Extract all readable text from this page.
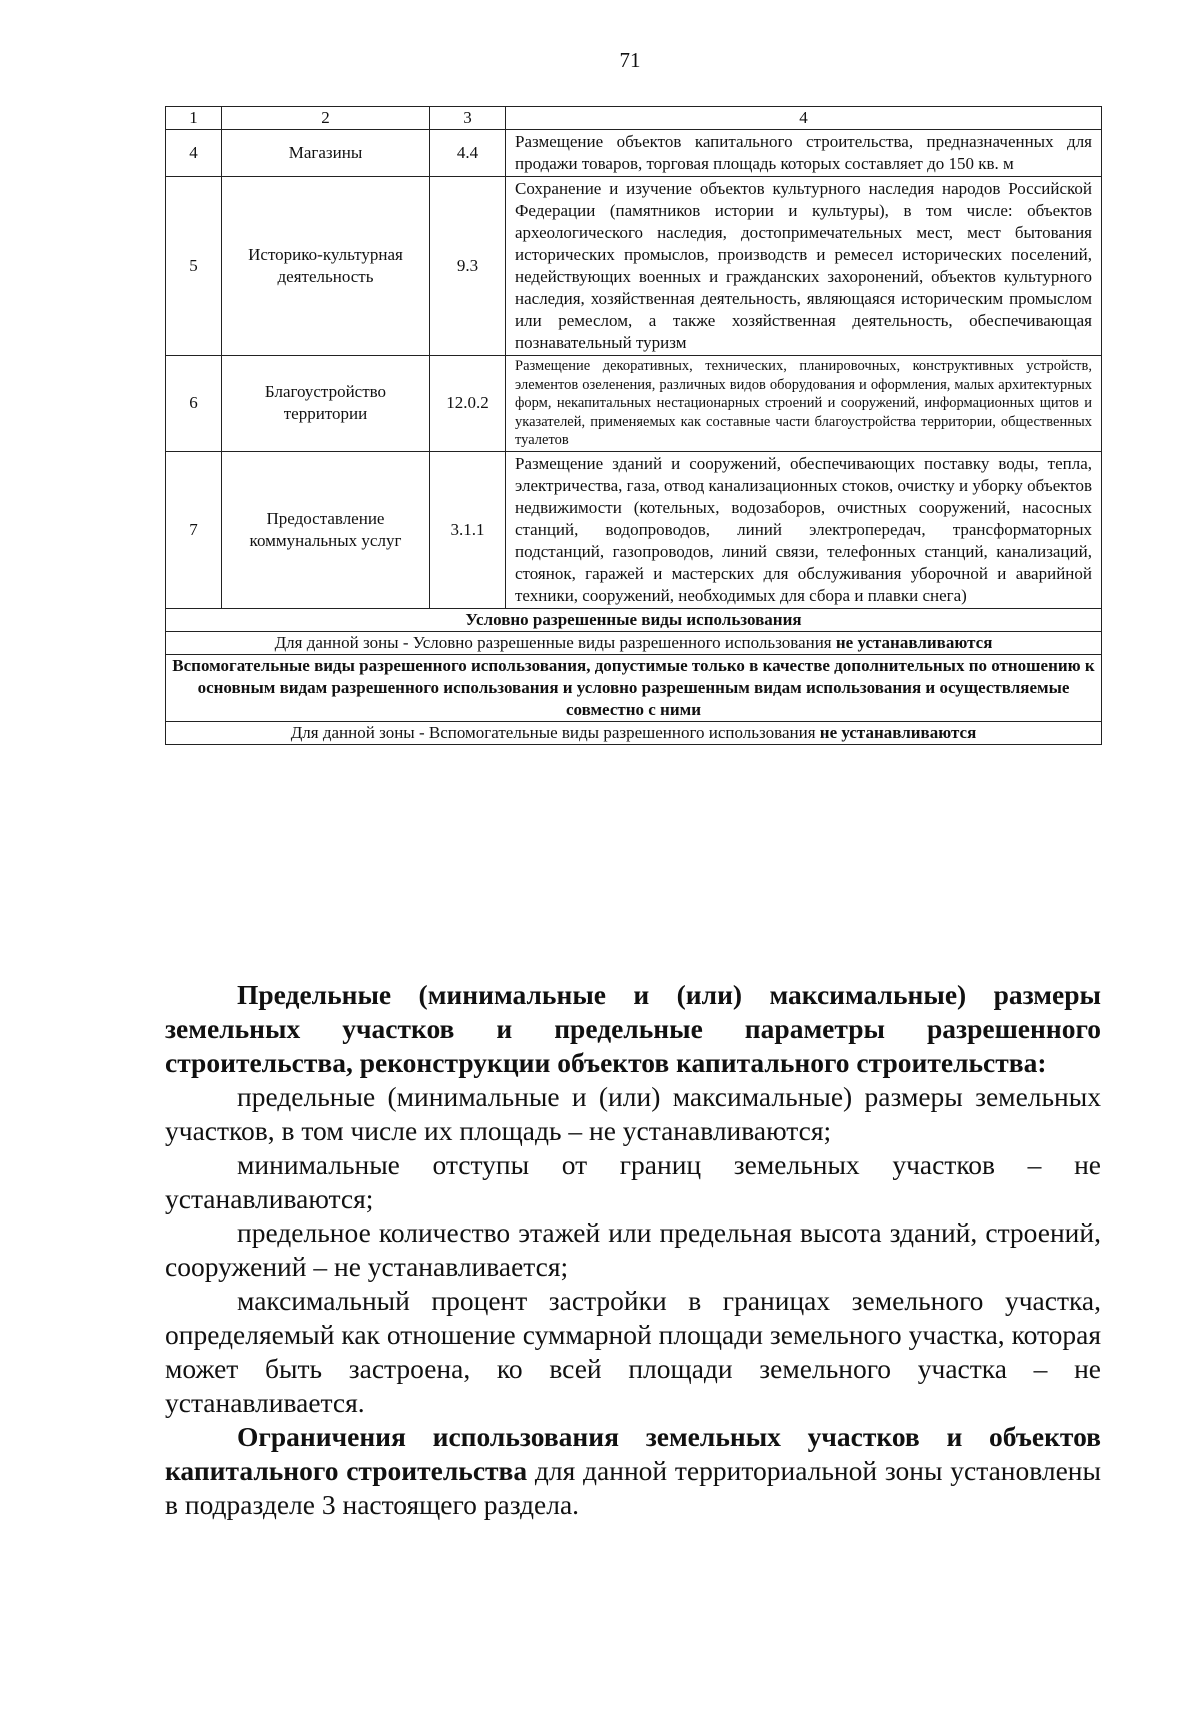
71
1	2	3	4
4	Магазины	4.4	Размещение объектов капитального строительства, предназначенных для продажи товаров, торговая площадь которых составляет до 150 кв. м
5	Историко-культурная деятельность	9.3	Сохранение и изучение объектов культурного наследия народов Российской Федерации (памятников истории и культуры), в том числе: объектов археологического наследия, достопримечательных мест, мест бытования исторических промыслов, производств и ремесел исторических поселений, недействующих военных и гражданских захоронений, объектов культурного наследия, хозяйственная деятельность, являющаяся историческим промыслом или ремеслом, а также хозяйственная деятельность, обеспечивающая познавательный туризм
6	Благоустройство территории	12.0.2	Размещение декоративных, технических, планировочных, конструктивных устройств, элементов озеленения, различных видов оборудования и оформления, малых архитектурных форм, некапитальных нестационарных строений и сооружений, информационных щитов и указателей, применяемых как составные части благоустройства территории, общественных туалетов
7	Предоставление коммунальных услуг	3.1.1	Размещение зданий и сооружений, обеспечивающих поставку воды, тепла, электричества, газа, отвод канализационных стоков, очистку и уборку объектов недвижимости (котельных, водозаборов, очистных сооружений, насосных станций, водопроводов, линий электропередач, трансформаторных подстанций, газопроводов, линий связи, телефонных станций, канализаций, стоянок, гаражей и мастерских для обслуживания уборочной и аварийной техники, сооружений, необходимых для сбора и плавки снега)
Условно разрешенные виды использования			
Для данной зоны - Условно разрешенные виды разрешенного использования не устанавливаются			
Вспомогательные виды разрешенного использования, допустимые только в качестве дополнительных по отношению к основным видам разрешенного использования и условно разрешенным видам использования и осуществляемые совместно с ними			
Для данной зоны - Вспомогательные виды разрешенного использования не устанавливаются			

Предельные (минимальные и (или) максимальные) размеры земельных участков и предельные параметры разрешенного строительства, реконструкции объектов капитального строительства:

предельные (минимальные и (или) максимальные) размеры земельных участков, в том числе их площадь – не устанавливаются;

минимальные отступы от границ земельных участков – не устанавливаются;

предельное количество этажей или предельная высота зданий, строений, сооружений – не устанавливается;

максимальный процент застройки в границах земельного участка, определяемый как отношение суммарной площади земельного участка, которая может быть застроена, ко всей площади земельного участка – не устанавливается.

Ограничения использования земельных участков и объектов капитального строительства для данной территориальной зоны установлены в подразделе 3 настоящего раздела.
